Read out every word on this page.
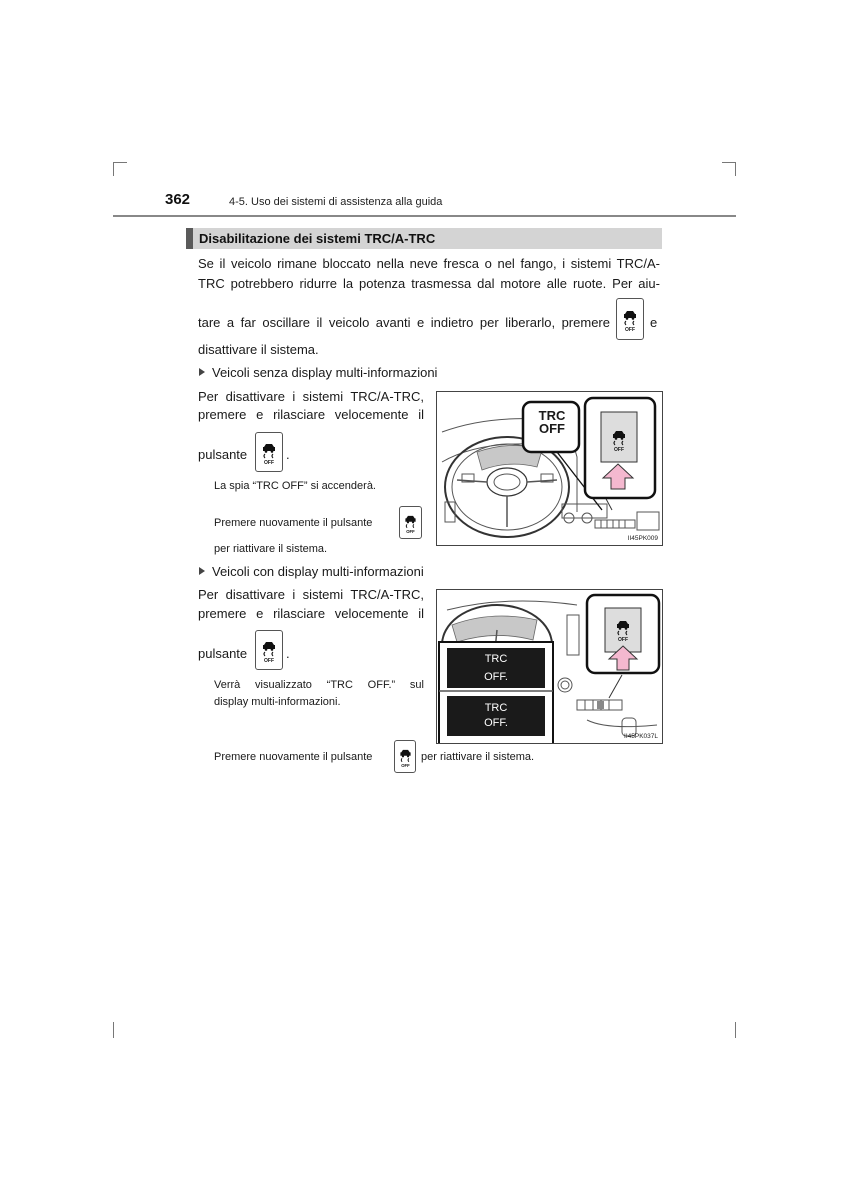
362	4-5. Uso dei sistemi di assistenza alla guida
Disabilitazione dei sistemi TRC/A-TRC
Se il veicolo rimane bloccato nella neve fresca o nel fango, i sistemi TRC/A-
TRC potrebbero ridurre la potenza trasmessa dal motore alle ruote. Per aiu-
tare a far oscillare il veicolo avanti e indietro per liberarlo, premere	e
disattivare il sistema.
Veicoli senza display multi-informazioni
Per disattivare i sistemi TRC/A-TRC,
premere e rilasciare velocemente il
pulsante	.
La spia “TRC OFF” si accenderà.
Premere nuovamente il pulsante
per riattivare il sistema.
TRC
OFF
II45PK009
Veicoli con display multi-informazioni
Per disattivare i sistemi TRC/A-TRC,
premere e rilasciare velocemente il
pulsante	.
Verrà visualizzato “TRC OFF.” sul
display multi-informazioni.
TRC
OFF.
TRC
OFF.
II45PK037L
Premere nuovamente il pulsante	per riattivare il sistema.
